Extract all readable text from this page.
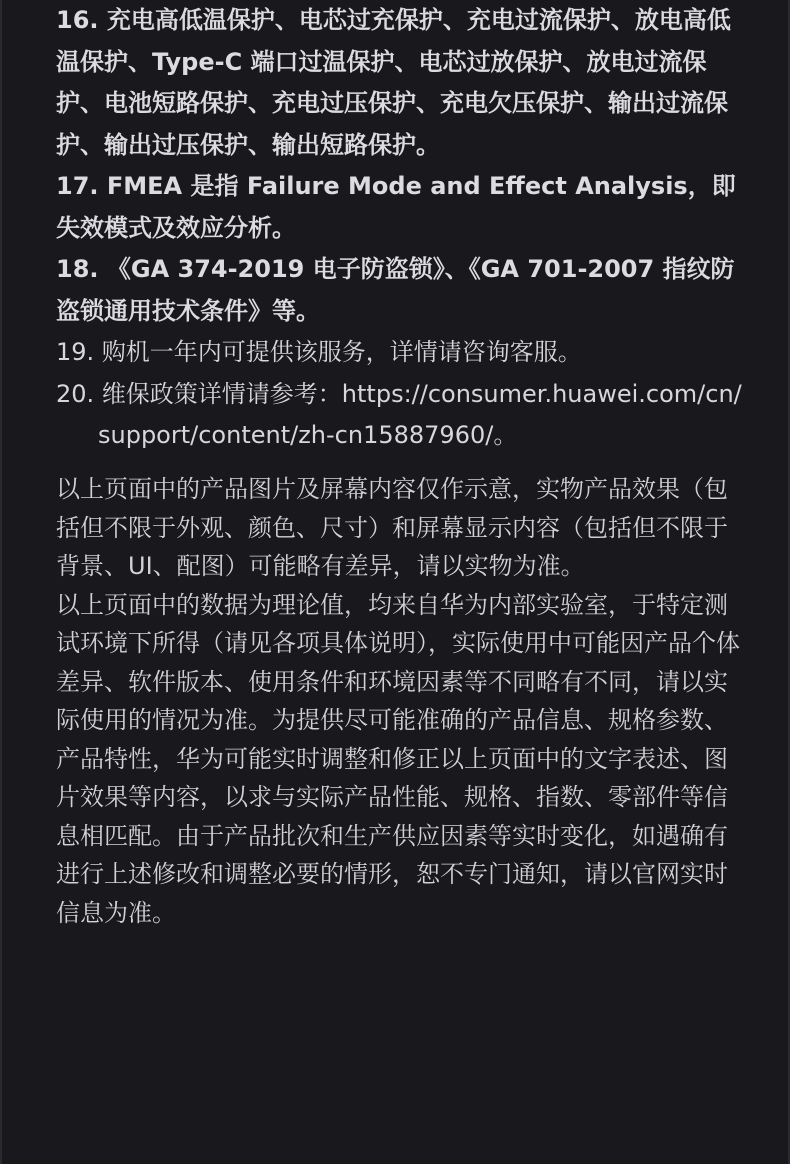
16. 充电高低温保护、电芯过充保护、充电过流保护、放电高低温保护、Type-C 端口过温保护、电芯过放保护、放电过流保护、电池短路保护、充电过压保护、充电欠压保护、输出过流保护、输出过压保护、输出短路保护。
17. FMEA 是指 Failure Mode and Effect Analysis，即失效模式及效应分析。
18. 《GA 374-2019 电子防盗锁》、《GA 701-2007 指纹防盗锁通用技术条件》等。
19. 购机一年内可提供该服务，详情请咨询客服。
20. 维保政策详情请参考：https://consumer.huawei.com/cn/support/content/zh-cn15887960/。

以上页面中的产品图片及屏幕内容仅作示意，实物产品效果（包括但不限于外观、颜色、尺寸）和屏幕显示内容（包括但不限于背景、UI、配图）可能略有差异，请以实物为准。

以上页面中的数据为理论值，均来自华为内部实验室，于特定测试环境下所得（请见各项具体说明），实际使用中可能因产品个体差异、软件版本、使用条件和环境因素等不同略有不同，请以实际使用的情况为准。为提供尽可能准确的产品信息、规格参数、产品特性，华为可能实时调整和修正以上页面中的文字表述、图片效果等内容，以求与实际产品性能、规格、指数、零部件等信息相匹配。由于产品批次和生产供应因素等实时变化，如遇确有进行上述修改和调整必要的情形，恕不专门通知，请以官网实时信息为准。
